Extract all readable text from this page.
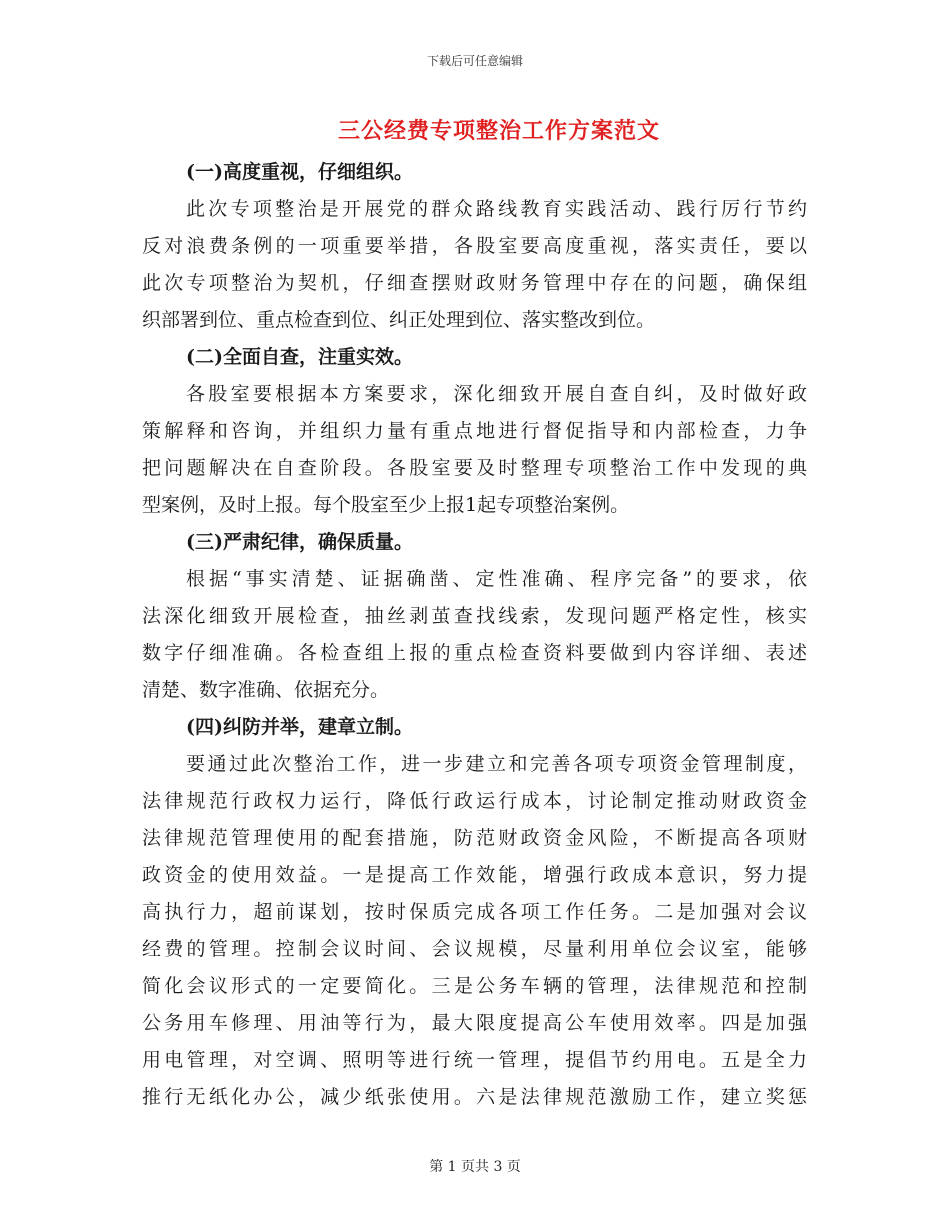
下载后可任意编辑
三公经费专项整治工作方案范文
(一)高度重视，仔细组织。
此次专项整治是开展党的群众路线教育实践活动、践行厉行节约
反对浪费条例的一项重要举措，各股室要高度重视，落实责任，要以
此次专项整治为契机，仔细查摆财政财务管理中存在的问题，确保组
织部署到位、重点检查到位、纠正处理到位、落实整改到位。
(二)全面自查，注重实效。
各股室要根据本方案要求，深化细致开展自查自纠，及时做好政
策解释和咨询，并组织力量有重点地进行督促指导和内部检查，力争
把问题解决在自查阶段。各股室要及时整理专项整治工作中发现的典
型案例，及时上报。每个股室至少上报1起专项整治案例。
(三)严肃纪律，确保质量。
根据“事实清楚、证据确凿、定性准确、程序完备”的要求，依
法深化细致开展检查，抽丝剥茧查找线索，发现问题严格定性，核实
数字仔细准确。各检查组上报的重点检查资料要做到内容详细、表述
清楚、数字准确、依据充分。
(四)纠防并举，建章立制。
要通过此次整治工作，进一步建立和完善各项专项资金管理制度，
法律规范行政权力运行，降低行政运行成本，讨论制定推动财政资金
法律规范管理使用的配套措施，防范财政资金风险，不断提高各项财
政资金的使用效益。一是提高工作效能，增强行政成本意识，努力提
高执行力，超前谋划，按时保质完成各项工作任务。二是加强对会议
经费的管理。控制会议时间、会议规模，尽量利用单位会议室，能够
简化会议形式的一定要简化。三是公务车辆的管理，法律规范和控制
公务用车修理、用油等行为，最大限度提高公车使用效率。四是加强
用电管理，对空调、照明等进行统一管理，提倡节约用电。五是全力
推行无纸化办公，减少纸张使用。六是法律规范激励工作，建立奖惩
第 1 页共 3 页
